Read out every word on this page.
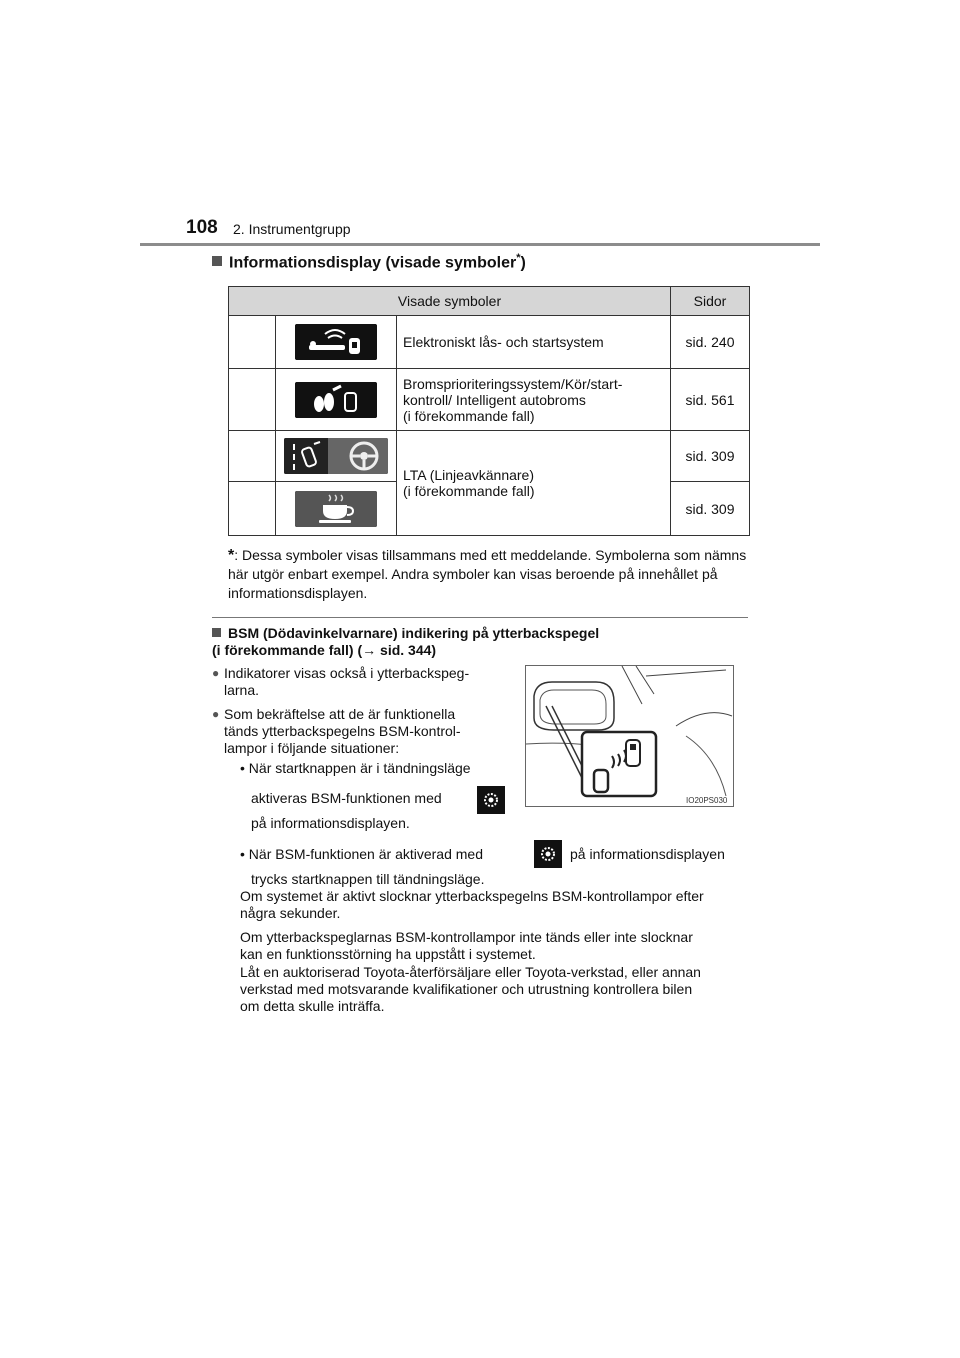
108 2. Instrumentgrupp
Informationsdisplay (visade symboler*)
Visade symboler			Sidor

	Elektroniskt lås- och startsystem	sid. 240

Bromsprioriteringssystem/Kör/start-
kontroll/ Intelligent autobroms
(i förekommande fall)	sid. 561

LTA (Linjeavkännare)
(i förekommande fall)	sid. 309

	sid. 309
*: Dessa symboler visas tillsammans med ett meddelande. Symbolerna som nämns här utgör enbart exempel. Andra symboler kan visas beroende på innehållet på informationsdisplayen.
BSM (Dödavinkelvarnare) indikering på ytterbackspegel
(i förekommande fall) (→ sid. 344)
● Indikatorer visas också i ytterbackspeg-
larna.
● Som bekräftelse att de är funktionella
tänds ytterbackspegelns BSM-kontrol-
lampor i följande situationer:
• När startknappen är i tändningsläge
aktiveras BSM-funktionen med
på informationsdisplayen.
• När BSM-funktionen är aktiverad med	på informationsdisplayen
trycks startknappen till tändningsläge.
Om systemet är aktivt slocknar ytterbackspegelns BSM-kontrollampor efter
några sekunder.
Om ytterbackspeglarnas BSM-kontrollampor inte tänds eller inte slocknar
kan en funktionsstörning ha uppstått i systemet.
Låt en auktoriserad Toyota-återförsäljare eller Toyota-verkstad, eller annan
verkstad med motsvarande kvalifikationer och utrustning kontrollera bilen
om detta skulle inträffa.
IO20PS030
